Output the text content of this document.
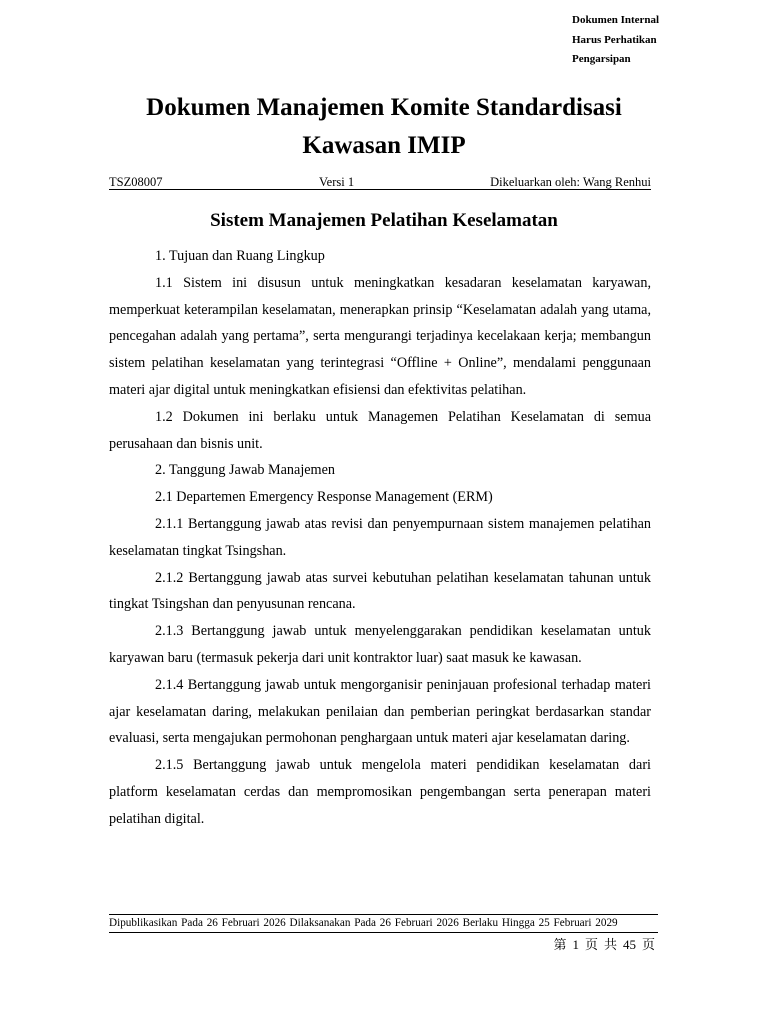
Dokumen Internal
Harus Perhatikan
Pengarsipan
Dokumen Manajemen Komite Standardisasi
Kawasan IMIP
TSZ08007	Versi 1	Dikeluarkan oleh: Wang Renhui
Sistem Manajemen Pelatihan Keselamatan

1. Tujuan dan Ruang Lingkup

1.1 Sistem ini disusun untuk meningkatkan kesadaran keselamatan karyawan, memperkuat keterampilan keselamatan, menerapkan prinsip “Keselamatan adalah yang utama, pencegahan adalah yang pertama”, serta mengurangi terjadinya kecelakaan kerja; membangun sistem pelatihan keselamatan yang terintegrasi “Offline + Online”, mendalami penggunaan materi ajar digital untuk meningkatkan efisiensi dan efektivitas pelatihan.

1.2 Dokumen ini berlaku untuk Managemen Pelatihan Keselamatan di semua perusahaan dan bisnis unit.

2. Tanggung Jawab Manajemen

2.1 Departemen Emergency Response Management (ERM)

2.1.1 Bertanggung jawab atas revisi dan penyempurnaan sistem manajemen pelatihan keselamatan tingkat Tsingshan.

2.1.2 Bertanggung jawab atas survei kebutuhan pelatihan keselamatan tahunan untuk tingkat Tsingshan dan penyusunan rencana.

2.1.3 Bertanggung jawab untuk menyelenggarakan pendidikan keselamatan untuk karyawan baru (termasuk pekerja dari unit kontraktor luar) saat masuk ke kawasan.

2.1.4 Bertanggung jawab untuk mengorganisir peninjauan profesional terhadap materi ajar keselamatan daring, melakukan penilaian dan pemberian peringkat berdasarkan standar evaluasi, serta mengajukan permohonan penghargaan untuk materi ajar keselamatan daring.

2.1.5 Bertanggung jawab untuk mengelola materi pendidikan keselamatan dari platform keselamatan cerdas dan mempromosikan pengembangan serta penerapan materi pelatihan digital.

Dipublikasikan Pada 26 Februari 2026 Dilaksanakan Pada 26 Februari 2026 Berlaku Hingga 25 Februari 2029
第 1 页 共 45 页
